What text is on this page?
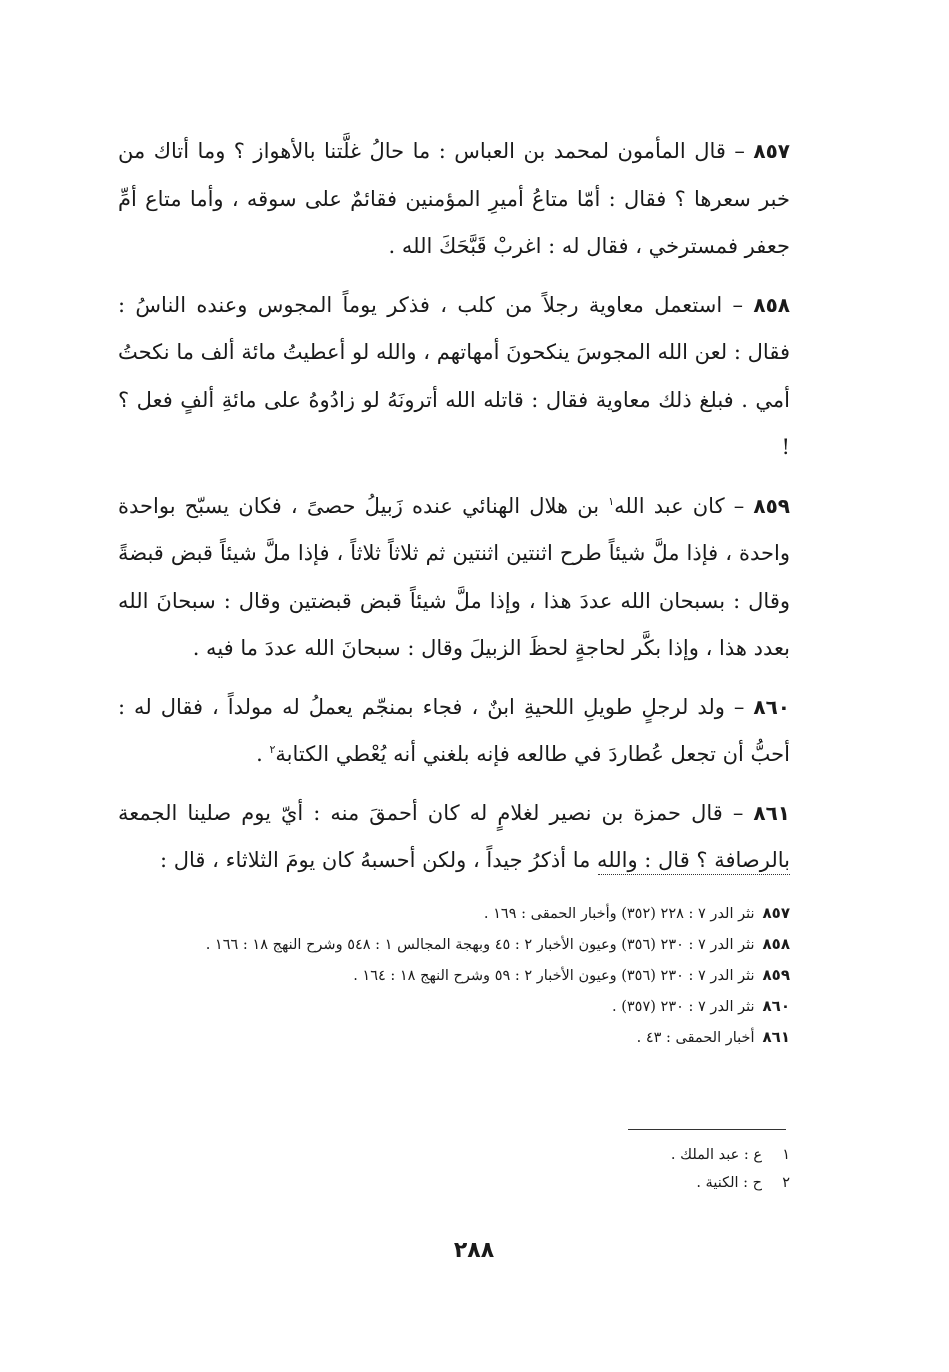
٨٥٧ – قال المأمون لمحمد بن العباس : ما حالُ غلَّتنا بالأهواز ؟ وما أتاك من خبر سعرها ؟ فقال : أمّا متاعُ أميرِ المؤمنين فقائمٌ على سوقه ، وأما متاع أمِّ جعفر فمسترخي ، فقال له : اغربْ قَبَّحَكَ الله .

٨٥٨ – استعمل معاوية رجلاً من كلب ، فذكر يوماً المجوس وعنده الناسُ : فقال : لعن الله المجوسَ ينكحونَ أمهاتهم ، والله لو أعطيتُ مائة ألف ما نكحتُ أمي . فبلغ ذلك معاوية فقال : قاتله الله أترونَهُ لو زادُوهُ على مائةِ ألفٍ فعل ؟ !

٨٥٩ – كان عبد الله$^١$ بن هلال الهنائي عنده زَبيلُ حصىً ، فكان يسبّح بواحدة واحدة ، فإذا ملَّ شيئاً طرح اثنتين اثنتين ثم ثلاثاً ثلاثاً ، فإذا ملَّ شيئاً قبض قبضةً وقال : بسبحان الله عددَ هذا ، وإذا ملَّ شيئاً قبض قبضتين وقال : سبحانَ الله بعدد هذا ، وإذا بكَّر لحاجةٍ لحظَ الزبيلَ وقال : سبحانَ الله عددَ ما فيه .

٨٦٠ – ولد لرجلٍ طويلِ اللحيةِ ابنٌ ، فجاء بمنجّم يعملُ له مولداً ، فقال له : أحبُّ أن تجعل عُطاردَ في طالعه فإنه بلغني أنه يُعْطي الكتابة$^٢$ .

٨٦١ – قال حمزة بن نصير لغلامٍ له كان أحمقَ منه : أيّ يوم صلينا الجمعة بالرصافة ؟ قال : والله ما أذكرُ جيداً ، ولكن أحسبهُ كان يومَ الثلاثاء ، قال :

٨٥٧نثر الدر ٧ : ٢٢٨ (٣٥٢) وأخبار الحمقى : ١٦٩ .
٨٥٨نثر الدر ٧ : ٢٣٠ (٣٥٦) وعيون الأخبار ٢ : ٤٥ وبهجة المجالس ١ : ٥٤٨ وشرح النهج ١٨ : ١٦٦ .
٨٥٩نثر الدر ٧ : ٢٣٠ (٣٥٦) وعيون الأخبار ٢ : ٥٩ وشرح النهج ١٨ : ١٦٤ .
٨٦٠نثر الدر ٧ : ٢٣٠ (٣٥٧) .
٨٦١أخبار الحمقى : ٤٣ .
١ع : عبد الملك .
٢ح : الكنية .
٢٨٨
